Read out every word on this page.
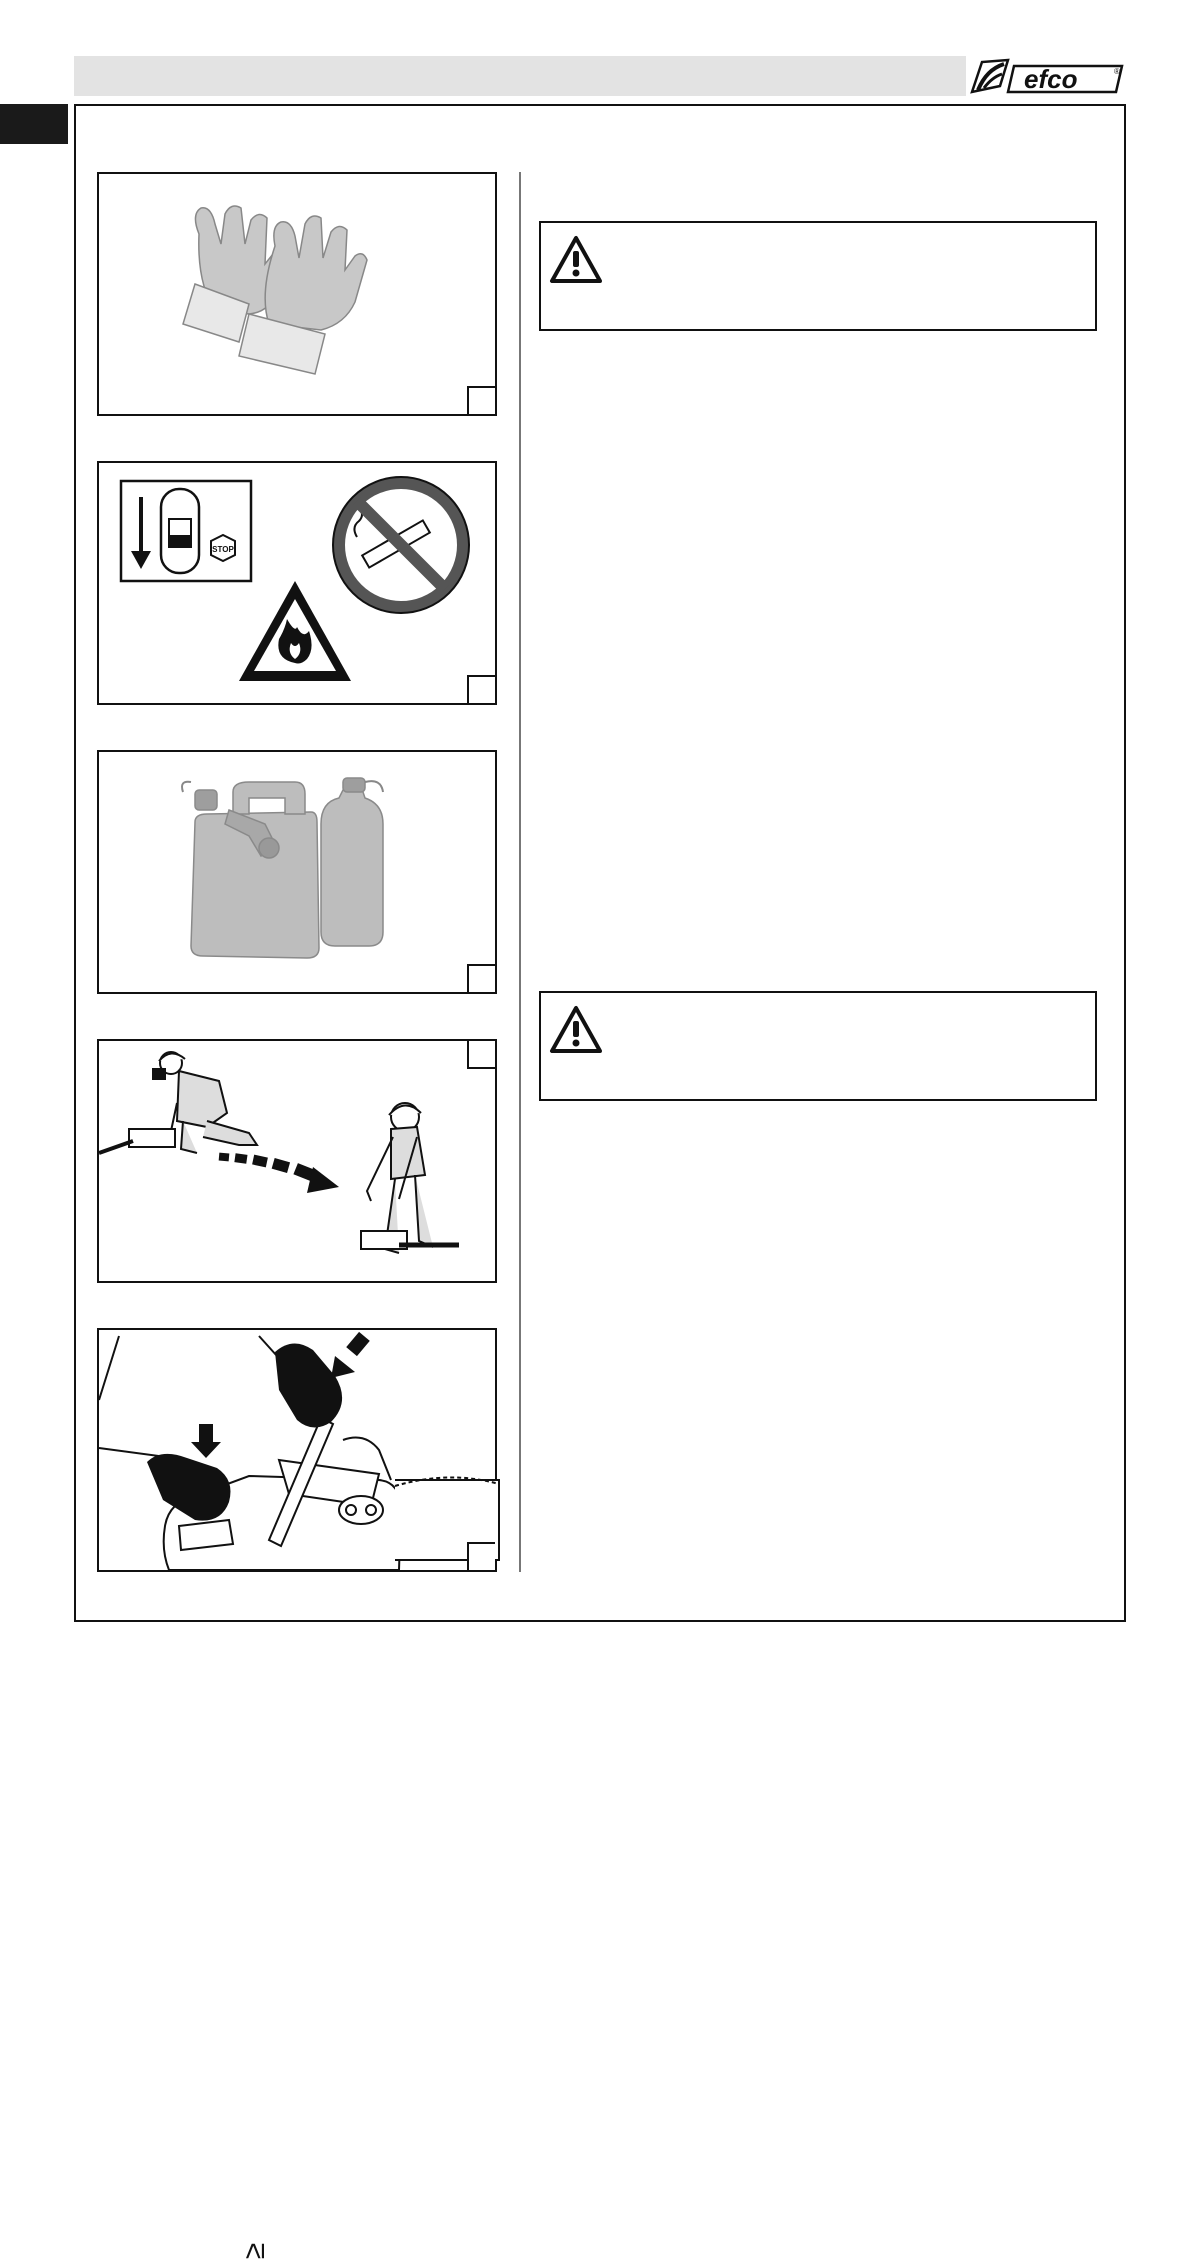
efco	®
STOP
≥
